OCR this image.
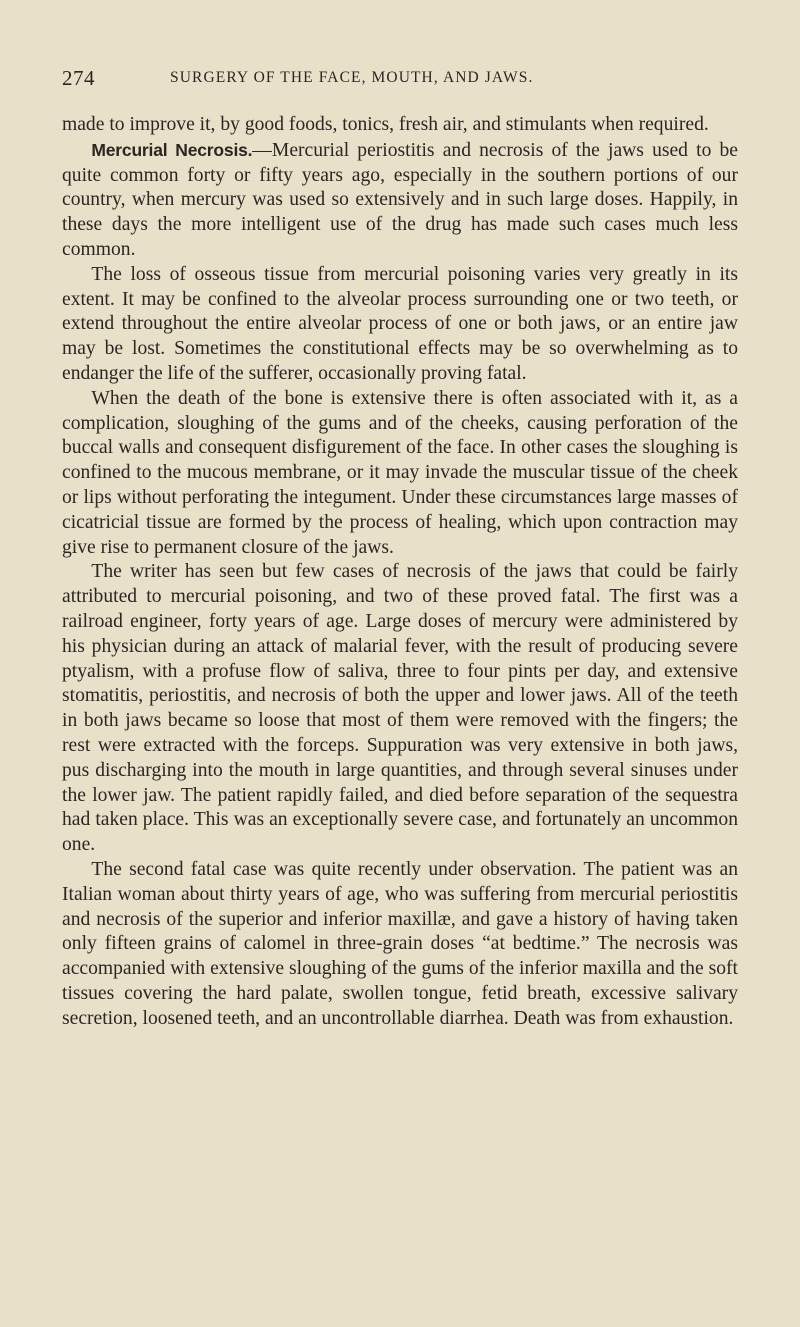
274	SURGERY OF THE FACE, MOUTH, AND JAWS.

made to improve it, by good foods, tonics, fresh air, and stimulants when required.

Mercurial Necrosis.—Mercurial periostitis and necrosis of the jaws used to be quite common forty or fifty years ago, especially in the southern portions of our country, when mercury was used so extensively and in such large doses. Happily, in these days the more intelligent use of the drug has made such cases much less common.

The loss of osseous tissue from mercurial poisoning varies very greatly in its extent. It may be confined to the alveolar process surrounding one or two teeth, or extend throughout the entire alveolar process of one or both jaws, or an entire jaw may be lost. Sometimes the constitutional effects may be so overwhelming as to endanger the life of the sufferer, occasionally proving fatal.

When the death of the bone is extensive there is often associated with it, as a complication, sloughing of the gums and of the cheeks, causing perforation of the buccal walls and consequent disfigurement of the face. In other cases the sloughing is confined to the mucous membrane, or it may invade the muscular tissue of the cheek or lips without perforating the integument. Under these circumstances large masses of cicatricial tissue are formed by the process of healing, which upon contraction may give rise to permanent closure of the jaws.

The writer has seen but few cases of necrosis of the jaws that could be fairly attributed to mercurial poisoning, and two of these proved fatal. The first was a railroad engineer, forty years of age. Large doses of mercury were administered by his physician during an attack of malarial fever, with the result of producing severe ptyalism, with a profuse flow of saliva, three to four pints per day, and extensive stomatitis, periostitis, and necrosis of both the upper and lower jaws. All of the teeth in both jaws became so loose that most of them were removed with the fingers; the rest were extracted with the forceps. Suppuration was very extensive in both jaws, pus discharging into the mouth in large quantities, and through several sinuses under the lower jaw. The patient rapidly failed, and died before separation of the sequestra had taken place. This was an exceptionally severe case, and fortunately an uncommon one.

The second fatal case was quite recently under observation. The patient was an Italian woman about thirty years of age, who was suffering from mercurial periostitis and necrosis of the superior and inferior maxillæ, and gave a history of having taken only fifteen grains of calomel in three-grain doses “at bedtime.” The necrosis was accompanied with extensive sloughing of the gums of the inferior maxilla and the soft tissues covering the hard palate, swollen tongue, fetid breath, excessive salivary secretion, loosened teeth, and an uncontrollable diarrhea. Death was from exhaustion.
